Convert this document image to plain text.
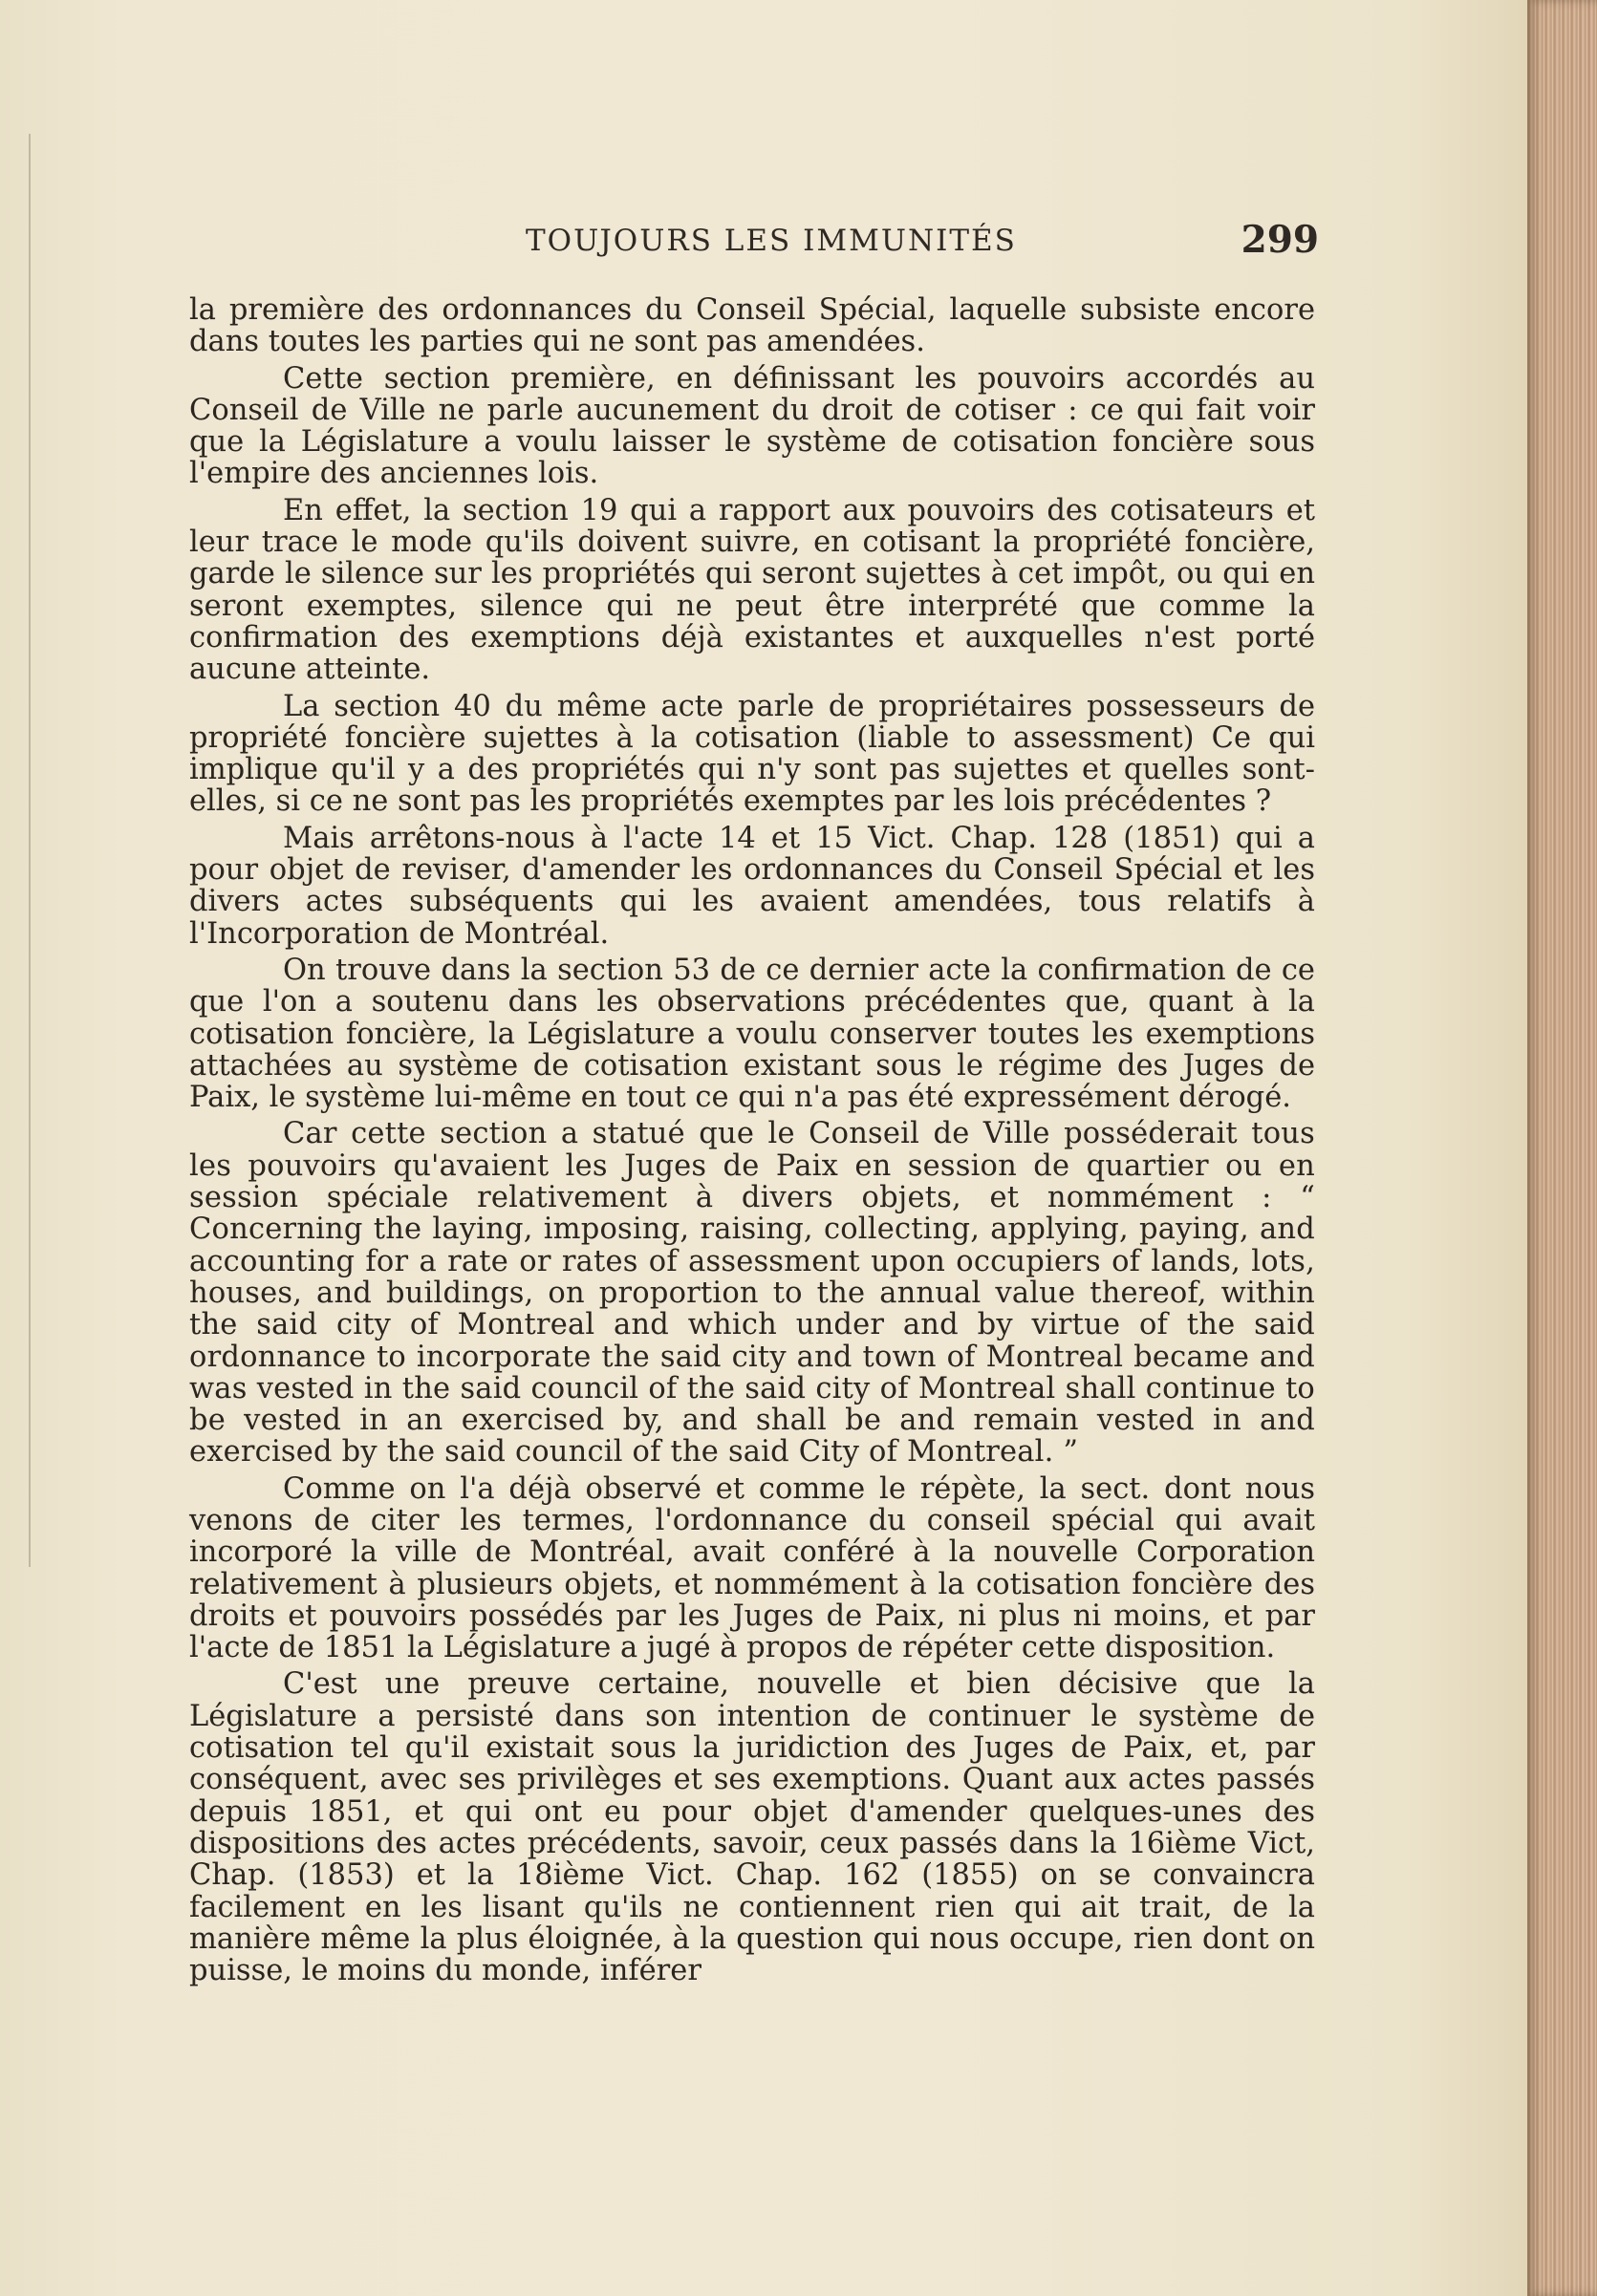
TOUJOURS LES IMMUNITÉS	299

la première des ordonnances du Conseil Spécial, laquelle subsiste encore dans toutes les parties qui ne sont pas amendées.

Cette section première, en définissant les pouvoirs accordés au Conseil de Ville ne parle aucunement du droit de cotiser : ce qui fait voir que la Législature a voulu laisser le système de cotisation foncière sous l'empire des anciennes lois.

En effet, la section 19 qui a rapport aux pouvoirs des cotisateurs et leur trace le mode qu'ils doivent suivre, en cotisant la propriété foncière, garde le silence sur les propriétés qui seront sujettes à cet impôt, ou qui en seront exemptes, silence qui ne peut être interprété que comme la confirmation des exemptions déjà existantes et auxquelles n'est porté aucune atteinte.

La section 40 du même acte parle de propriétaires possesseurs de propriété foncière sujettes à la cotisation (liable to assessment) Ce qui implique qu'il y a des propriétés qui n'y sont pas sujettes et quelles sont-elles, si ce ne sont pas les propriétés exemptes par les lois précédentes ?

Mais arrêtons-nous à l'acte 14 et 15 Vict. Chap. 128 (1851) qui a pour objet de reviser, d'amender les ordonnances du Conseil Spécial et les divers actes subséquents qui les avaient amendées, tous relatifs à l'Incorporation de Montréal.

On trouve dans la section 53 de ce dernier acte la confirmation de ce que l'on a soutenu dans les observations précédentes que, quant à la cotisation foncière, la Législature a voulu conserver toutes les exemptions attachées au système de cotisation existant sous le régime des Juges de Paix, le système lui-même en tout ce qui n'a pas été expressément dérogé.

Car cette section a statué que le Conseil de Ville posséderait tous les pouvoirs qu'avaient les Juges de Paix en session de quartier ou en session spéciale relativement à divers objets, et nommément : “ Concerning the laying, imposing, raising, collecting, applying, paying, and accounting for a rate or rates of assessment upon occupiers of lands, lots, houses, and buildings, on proportion to the annual value thereof, within the said city of Montreal and which under and by virtue of the said ordonnance to incorporate the said city and town of Montreal became and was vested in the said council of the said city of Montreal shall continue to be vested in an exercised by, and shall be and remain vested in and exercised by the said council of the said City of Montreal. ”

Comme on l'a déjà observé et comme le répète, la sect. dont nous venons de citer les termes, l'ordonnance du conseil spécial qui avait incorporé la ville de Montréal, avait conféré à la nouvelle Corporation relativement à plusieurs objets, et nommément à la cotisation foncière des droits et pouvoirs possédés par les Juges de Paix, ni plus ni moins, et par l'acte de 1851 la Législature a jugé à propos de répéter cette disposition.

C'est une preuve certaine, nouvelle et bien décisive que la Législature a persisté dans son intention de continuer le système de cotisation tel qu'il existait sous la juridiction des Juges de Paix, et, par conséquent, avec ses privilèges et ses exemptions. Quant aux actes passés depuis 1851, et qui ont eu pour objet d'amender quelques-unes des dispositions des actes précédents, savoir, ceux passés dans la 16ième Vict, Chap. (1853) et la 18ième Vict. Chap. 162 (1855) on se convaincra facilement en les lisant qu'ils ne contiennent rien qui ait trait, de la manière même la plus éloignée, à la question qui nous occupe, rien dont on puisse, le moins du monde, inférer
